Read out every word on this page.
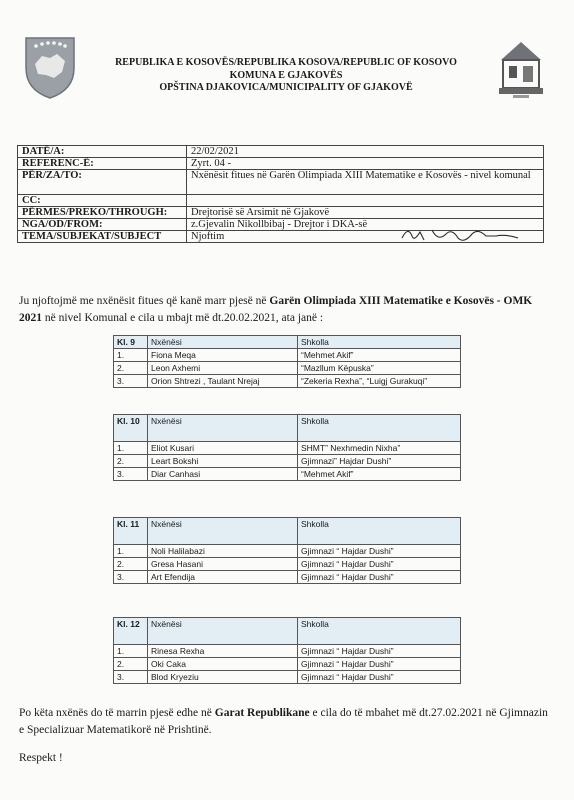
REPUBLIKA E KOSOVËS/REPUBLIKA KOSOVA/REPUBLIC OF KOSOVO
KOMUNA E GJAKOVËS
OPŠTINA DJAKOVICA/MUNICIPALITY OF GJAKOVË
DATË/A:	22/02/2021
REFERENC-Ë:	Zyrt. 04 -
PËR/ZA/TO:	Nxënësit fitues në Garën Olimpiada XIII Matematike e Kosovës - nivel komunal
CC:	
PËRMES/PREKO/THROUGH:	Drejtorisë së Arsimit në Gjakovë
NGA/OD/FROM:	z.Gjevalin Nikollbibaj - Drejtor i DKA-së
TEMA/SUBJEKAT/SUBJECT	Njoftim
Ju njoftojmë me nxënësit fitues që kanë marr pjesë në Garën Olimpiada XIII Matematike e Kosovës - OMK 2021 në nivel Komunal e cila u mbajt më dt.20.02.2021, ata janë :
Kl. 9	Nxënësi	Shkolla
1.	Fiona Meqa	“Mehmet Akif”
2.	Leon Axhemi	“Mazllum Këpuska”
3.	Orion Shtrezi , Taulant Nrejaj	“Zekeria Rexha”, “Luigj Gurakuqi”
Kl. 10	Nxënësi	Shkolla
1.	Eliot Kusari	SHMT” Nexhmedin Nixha”
2.	Leart Bokshi	Gjimnazi” Hajdar Dushi”
3.	Diar Canhasi	“Mehmet Akif”
Kl. 11	Nxënësi	Shkolla
1.	Noli Halilabazi	Gjimnazi “ Hajdar Dushi”
2.	Gresa Hasani	Gjimnazi “ Hajdar Dushi”
3.	Art Efendija	Gjimnazi “ Hajdar Dushi”
Kl. 12	Nxënësi	Shkolla
1.	Rinesa Rexha	Gjimnazi “ Hajdar Dushi”
2.	Oki Caka	Gjimnazi “ Hajdar Dushi”
3.	Blod Kryeziu	Gjimnazi “ Hajdar Dushi”
Po këta nxënës do të marrin pjesë edhe në Garat Republikane e cila do të mbahet më dt.27.02.2021 në Gjimnazin e Specializuar Matematikorë në Prishtinë.
Respekt !
